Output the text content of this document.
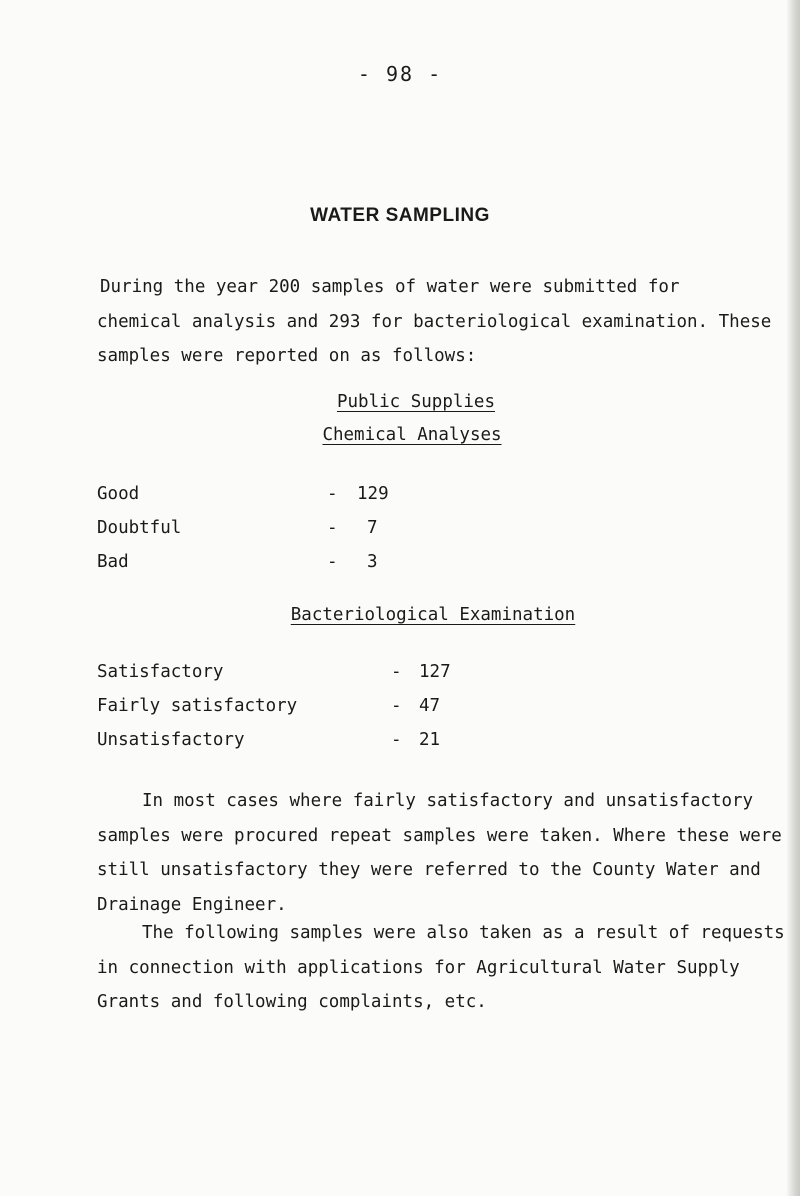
- 98 -
WATER SAMPLING

During the year 200 samples of water were submitted for
chemical analysis and 293 for bacteriological examination. These
samples were reported on as follows:

Public Supplies
Chemical Analyses
Good	- 129
Doubtful	- 7
Bad	- 3
Bacteriological Examination
Satisfactory	- 127
Fairly satisfactory	- 47
Unsatisfactory	- 21

In most cases where fairly satisfactory and unsatisfactory
samples were procured repeat samples were taken. Where these were
still unsatisfactory they were referred to the County Water and
Drainage Engineer.

The following samples were also taken as a result of requests
in connection with applications for Agricultural Water Supply
Grants and following complaints, etc.
